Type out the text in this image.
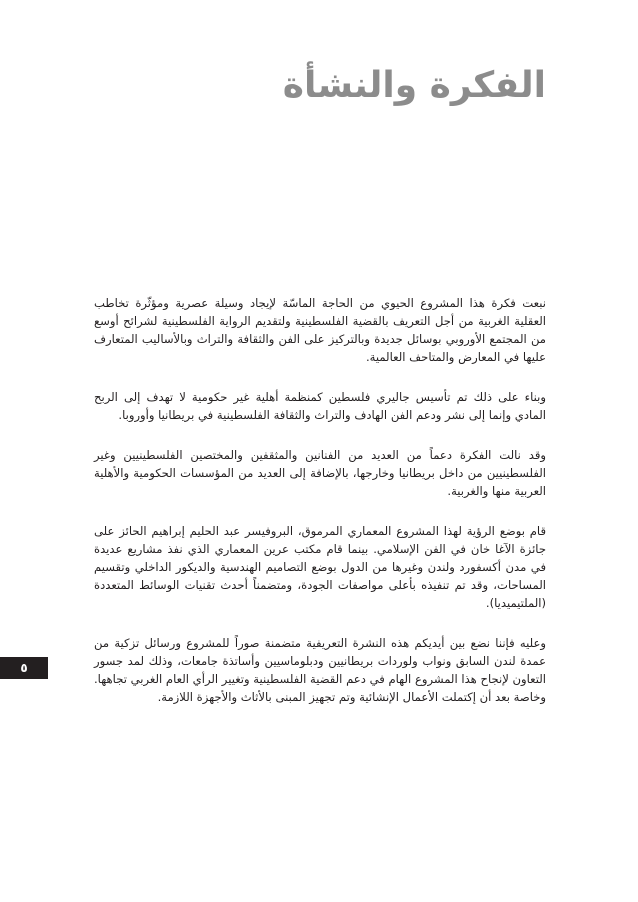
الفكرة والنشأة

نبعت فكرة هذا المشروع الحيوي من الحاجة الماسّة لإيجاد وسيلة عصرية ومؤثّرة تخاطب العقلية الغربية من أجل التعريف بالقضية الفلسطينية ولتقديم الرواية الفلسطينية لشرائح أوسع من المجتمع الأوروبي بوسائل جديدة وبالتركيز على الفن والثقافة والتراث وبالأساليب المتعارف عليها في المعارض والمتاحف العالمية.

وبناء على ذلك تم تأسيس جاليري فلسطين كمنظمة أهلية غير حكومية لا تهدف إلى الربح المادي وإنما إلى نشر ودعم الفن الهادف والتراث والثقافة الفلسطينية في بريطانيا وأوروبا.

وقد نالت الفكرة دعماً من العديد من الفنانين والمثقفين والمختصين الفلسطينيين وغير الفلسطينيين من داخل بريطانيا وخارجها، بالإضافة إلى العديد من المؤسسات الحكومية والأهلية العربية منها والغربية.

قام بوضع الرؤية لهذا المشروع المعماري المرموق، البروفيسر عبد الحليم إبراهيم الحائز على جائزة الآغا خان في الفن الإسلامي. بينما قام مكتب عرين المعماري الذي نفذ مشاريع عديدة في مدن أكسفورد ولندن وغيرها من الدول بوضع التصاميم الهندسية والديكور الداخلي وتقسيم المساحات، وقد تم تنفيذه بأعلى مواصفات الجودة، ومتضمناً أحدث تقنيات الوسائط المتعددة (الملتيميديا).

وعليه فإننا نضع بين أيديكم هذه النشرة التعريفية متضمنة صوراً للمشروع ورسائل تزكية من عمدة لندن السابق ونواب ولوردات بريطانيين ودبلوماسيين وأساتذة جامعات، وذلك لمد جسور التعاون لإنجاح هذا المشروع الهام في دعم القضية الفلسطينية وتغيير الرأي العام الغربي تجاهها. وخاصة بعد أن إكتملت الأعمال الإنشائية وتم تجهيز المبنى بالأثاث والأجهزة اللازمة.

٥
